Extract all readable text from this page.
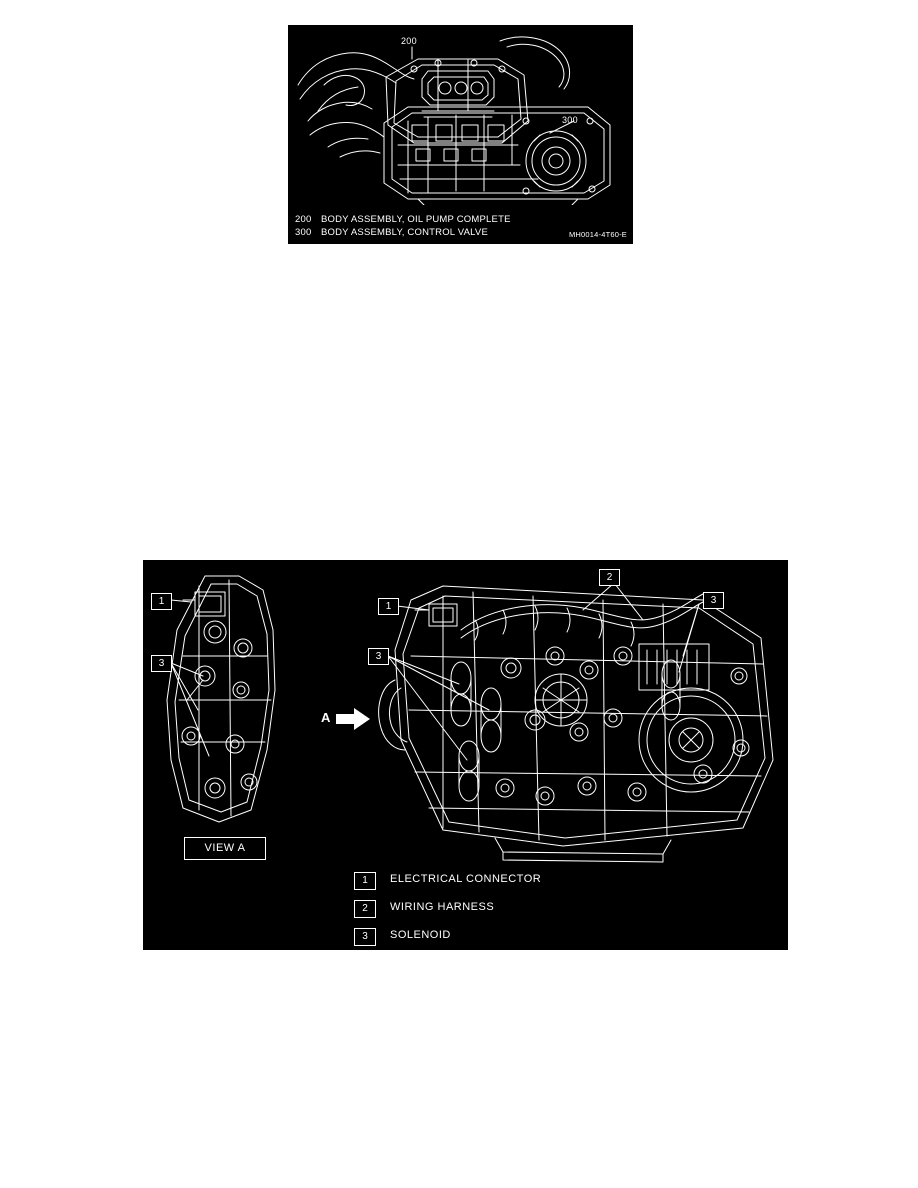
200
300
200 BODY ASSEMBLY, OIL PUMP COMPLETE
300 BODY ASSEMBLY, CONTROL VALVE	MH0014-4T60-E
1
3
1
2
3
3
VIEW A
A
1	ELECTRICAL CONNECTOR
2	WIRING HARNESS
3	SOLENOID
